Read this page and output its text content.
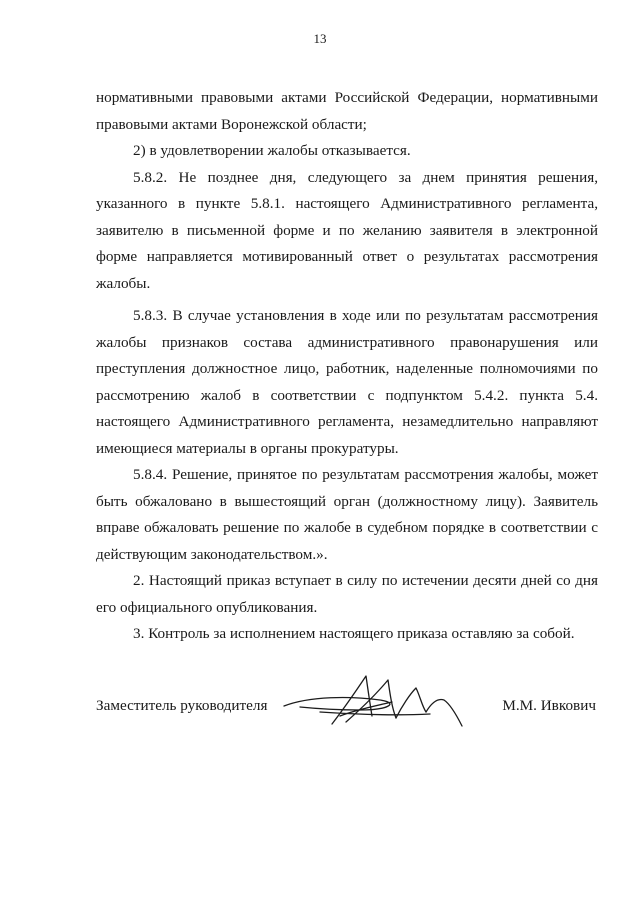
13

нормативными правовыми актами Российской Федерации, нормативными правовыми актами Воронежской области;

2) в удовлетворении жалобы отказывается.

5.8.2. Не позднее дня, следующего за днем принятия решения, указанного в пункте 5.8.1. настоящего Административного регламента, заявителю в письменной форме и по желанию заявителя в электронной форме направляется мотивированный ответ о результатах рассмотрения жалобы.

5.8.3. В случае установления в ходе или по результатам рассмотрения жалобы признаков состава административного правонарушения или преступления должностное лицо, работник, наделенные полномочиями по рассмотрению жалоб в соответствии с подпунктом 5.4.2. пункта 5.4. настоящего Административного регламента, незамедлительно направляют имеющиеся материалы в органы прокуратуры.

5.8.4. Решение, принятое по результатам рассмотрения жалобы, может быть обжаловано в вышестоящий орган (должностному лицу). Заявитель вправе обжаловать решение по жалобе в судебном порядке в соответствии с действующим законодательством.».

2. Настоящий приказ вступает в силу по истечении десяти дней со дня его официального опубликования.

3. Контроль за исполнением настоящего приказа оставляю за собой.

Заместитель руководителя	М.М. Ивкович
